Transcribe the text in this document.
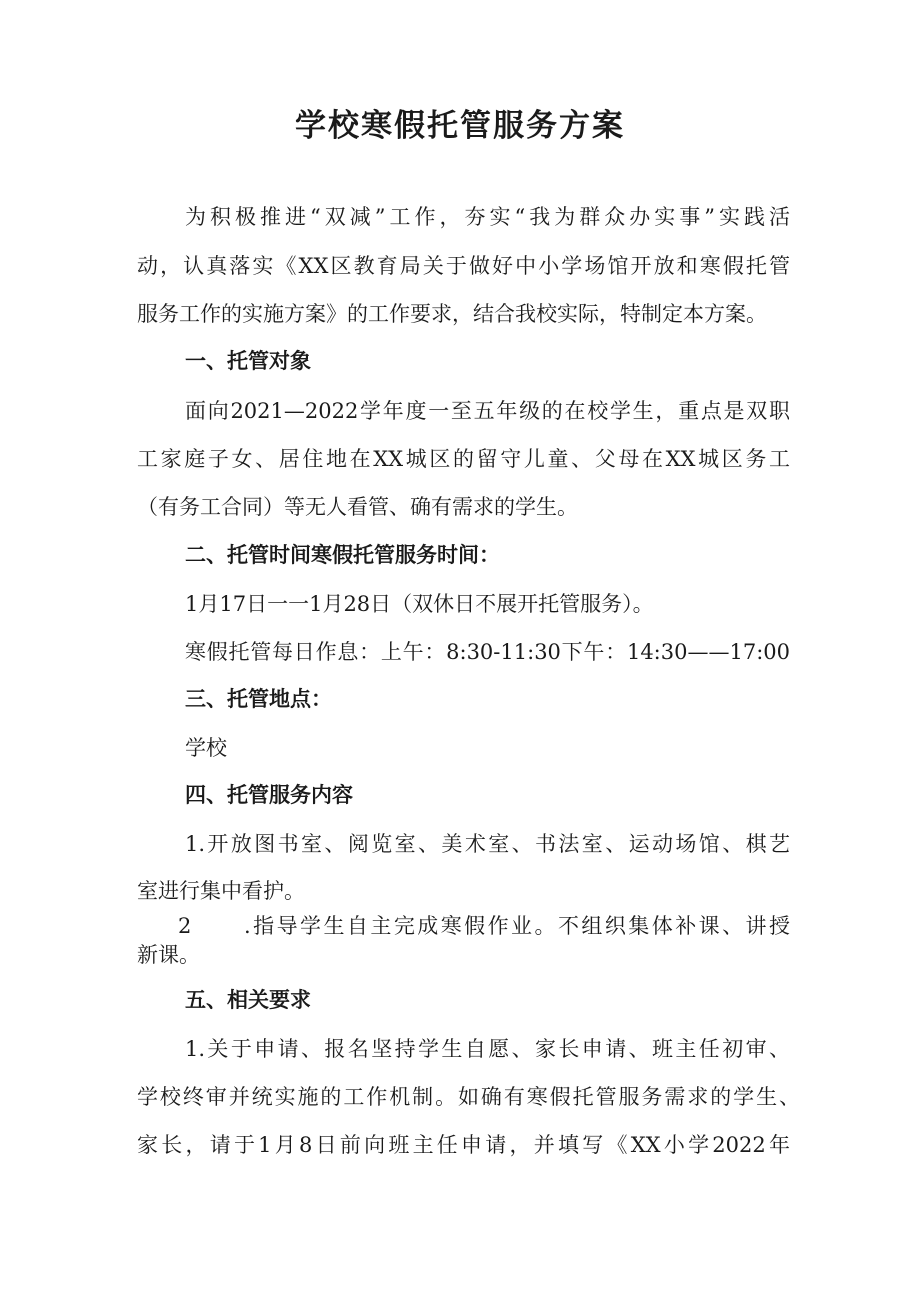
学校寒假托管服务方案

为积极推进“双减”工作，夯实“我为群众办实事”实践活

动，认真落实《XX区教育局关于做好中小学场馆开放和寒假托管

服务工作的实施方案》的工作要求，结合我校实际，特制定本方案。

一、托管对象

面向2021—2022学年度一至五年级的在校学生，重点是双职

工家庭子女、居住地在XX城区的留守儿童、父母在XX城区务工

（有务工合同）等无人看管、确有需求的学生。

二、托管时间寒假托管服务时间：

1月17日一一1月28日（双休日不展开托管服务）。

寒假托管每日作息：上午：8:30-11:30下午：14:30——17:00

三、托管地点：

学校

四、托管服务内容

1.开放图书室、阅览室、美术室、书法室、运动场馆、棋艺

室进行集中看护。

2	.指导学生自主完成寒假作业。不组织集体补课、讲授

新课。

五、相关要求

1.关于申请、报名坚持学生自愿、家长申请、班主任初审、

学校终审并统实施的工作机制。如确有寒假托管服务需求的学生、

家长，请于1月8日前向班主任申请，并填写《XX小学2022年
